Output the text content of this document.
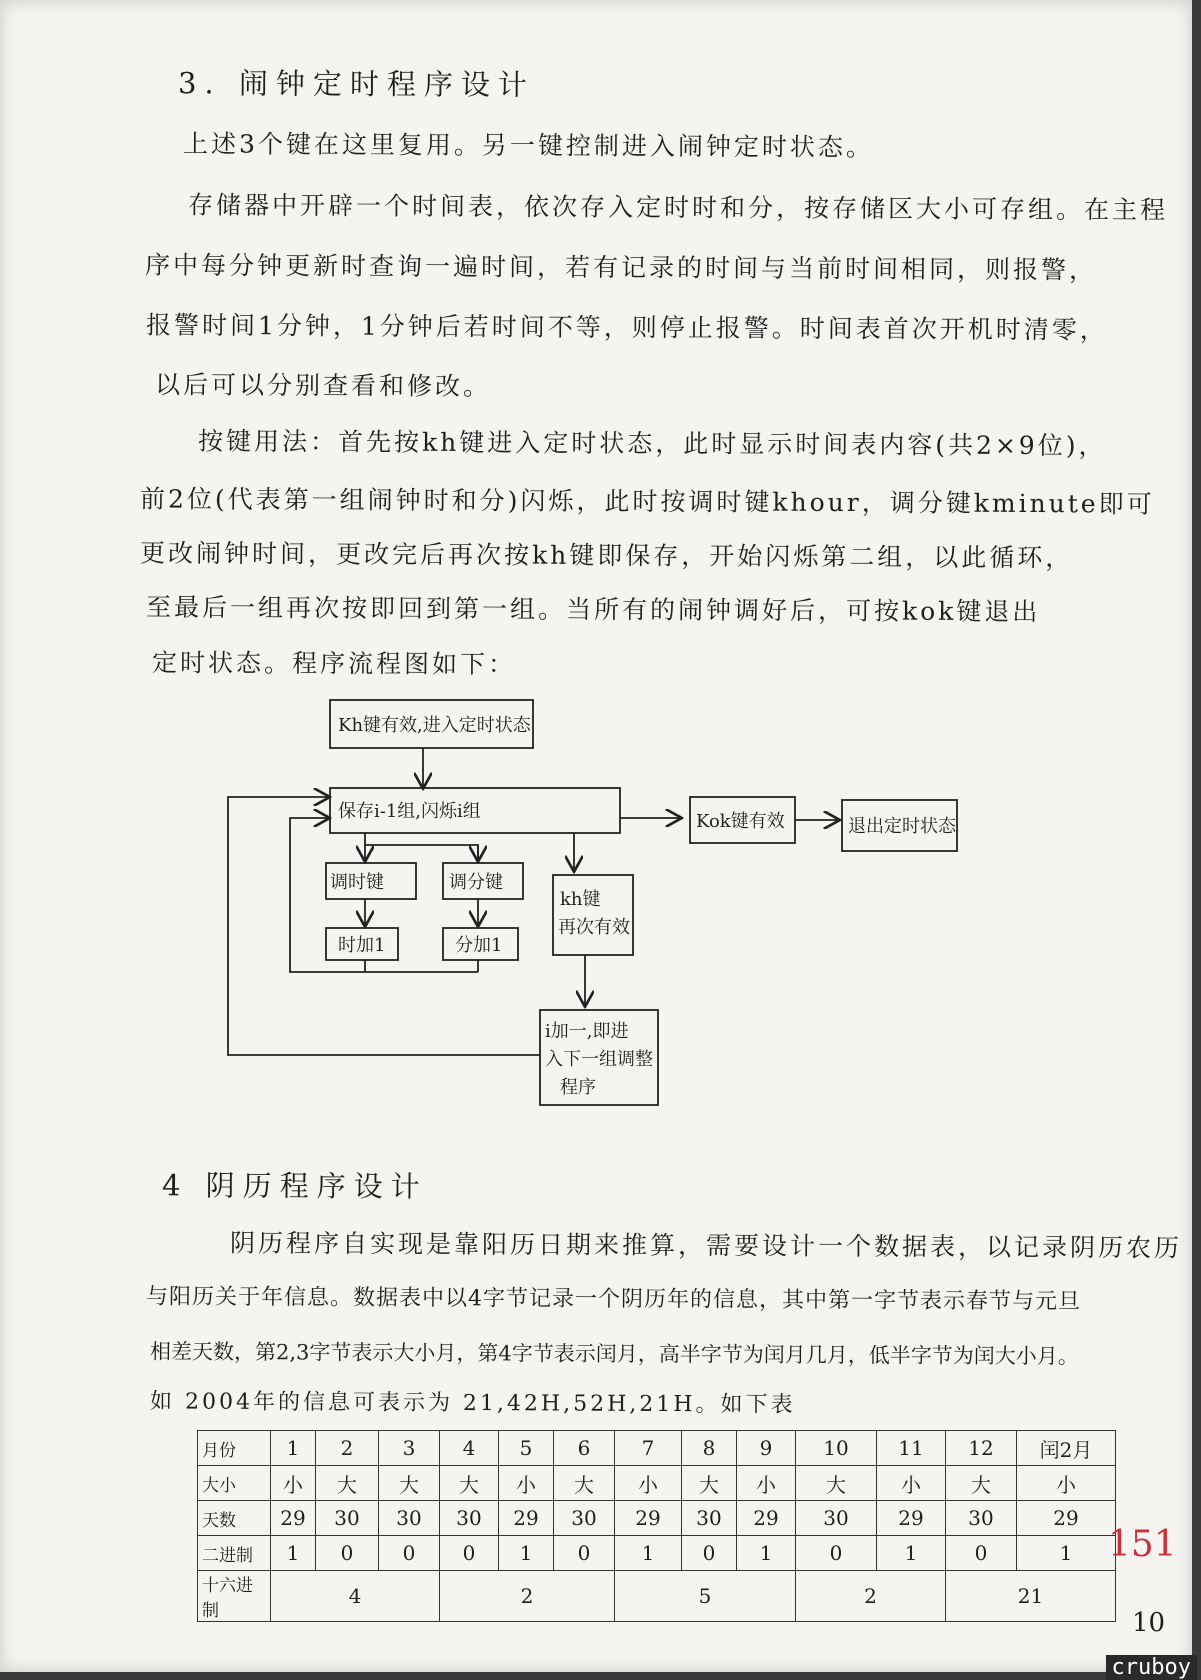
3. 闹钟定时程序设计
上述3个键在这里复用。另一键控制进入闹钟定时状态。
存储器中开辟一个时间表，依次存入定时时和分，按存储区大小可存组。在主程
序中每分钟更新时查询一遍时间，若有记录的时间与当前时间相同，则报警，
报警时间1分钟，1分钟后若时间不等，则停止报警。时间表首次开机时清零，
以后可以分别查看和修改。
按键用法：首先按kh键进入定时状态，此时显示时间表内容(共2×9位)，
前2位(代表第一组闹钟时和分)闪烁，此时按调时键khour，调分键kminute即可
更改闹钟时间，更改完后再次按kh键即保存，开始闪烁第二组，以此循环，
至最后一组再次按即回到第一组。当所有的闹钟调好后，可按kok键退出
定时状态。程序流程图如下：
Kh键有效,进入定时状态
保存i-1组,闪烁i组	Kok键有效	退出定时状态
调时键	调分键
时加1	分加1
kh键
再次有效
i加一,即进
入下一组调整
程序
4 阴历程序设计
阴历程序自实现是靠阳历日期来推算，需要设计一个数据表，以记录阴历农历
与阳历关于年信息。数据表中以4字节记录一个阴历年的信息，其中第一字节表示春节与元旦
相差天数，第2,3字节表示大小月，第4字节表示闰月，高半字节为闰月几月，低半字节为闰大小月。
如 2004年的信息可表示为 21,42H,52H,21H。如下表
月份	1	2	3	4	5	6	7	8	9	10	11	12	闰2月
大小	小	大	大	大	小	大	小	大	小	大	小	大	小
天数	29	30	30	30	29	30	29	30	29	30	29	30	29
二进制	1	0	0	0	1	0	1	0	1	0	1	0	1
十六进制	4			2			5			2		21	
151
10
cruboy
